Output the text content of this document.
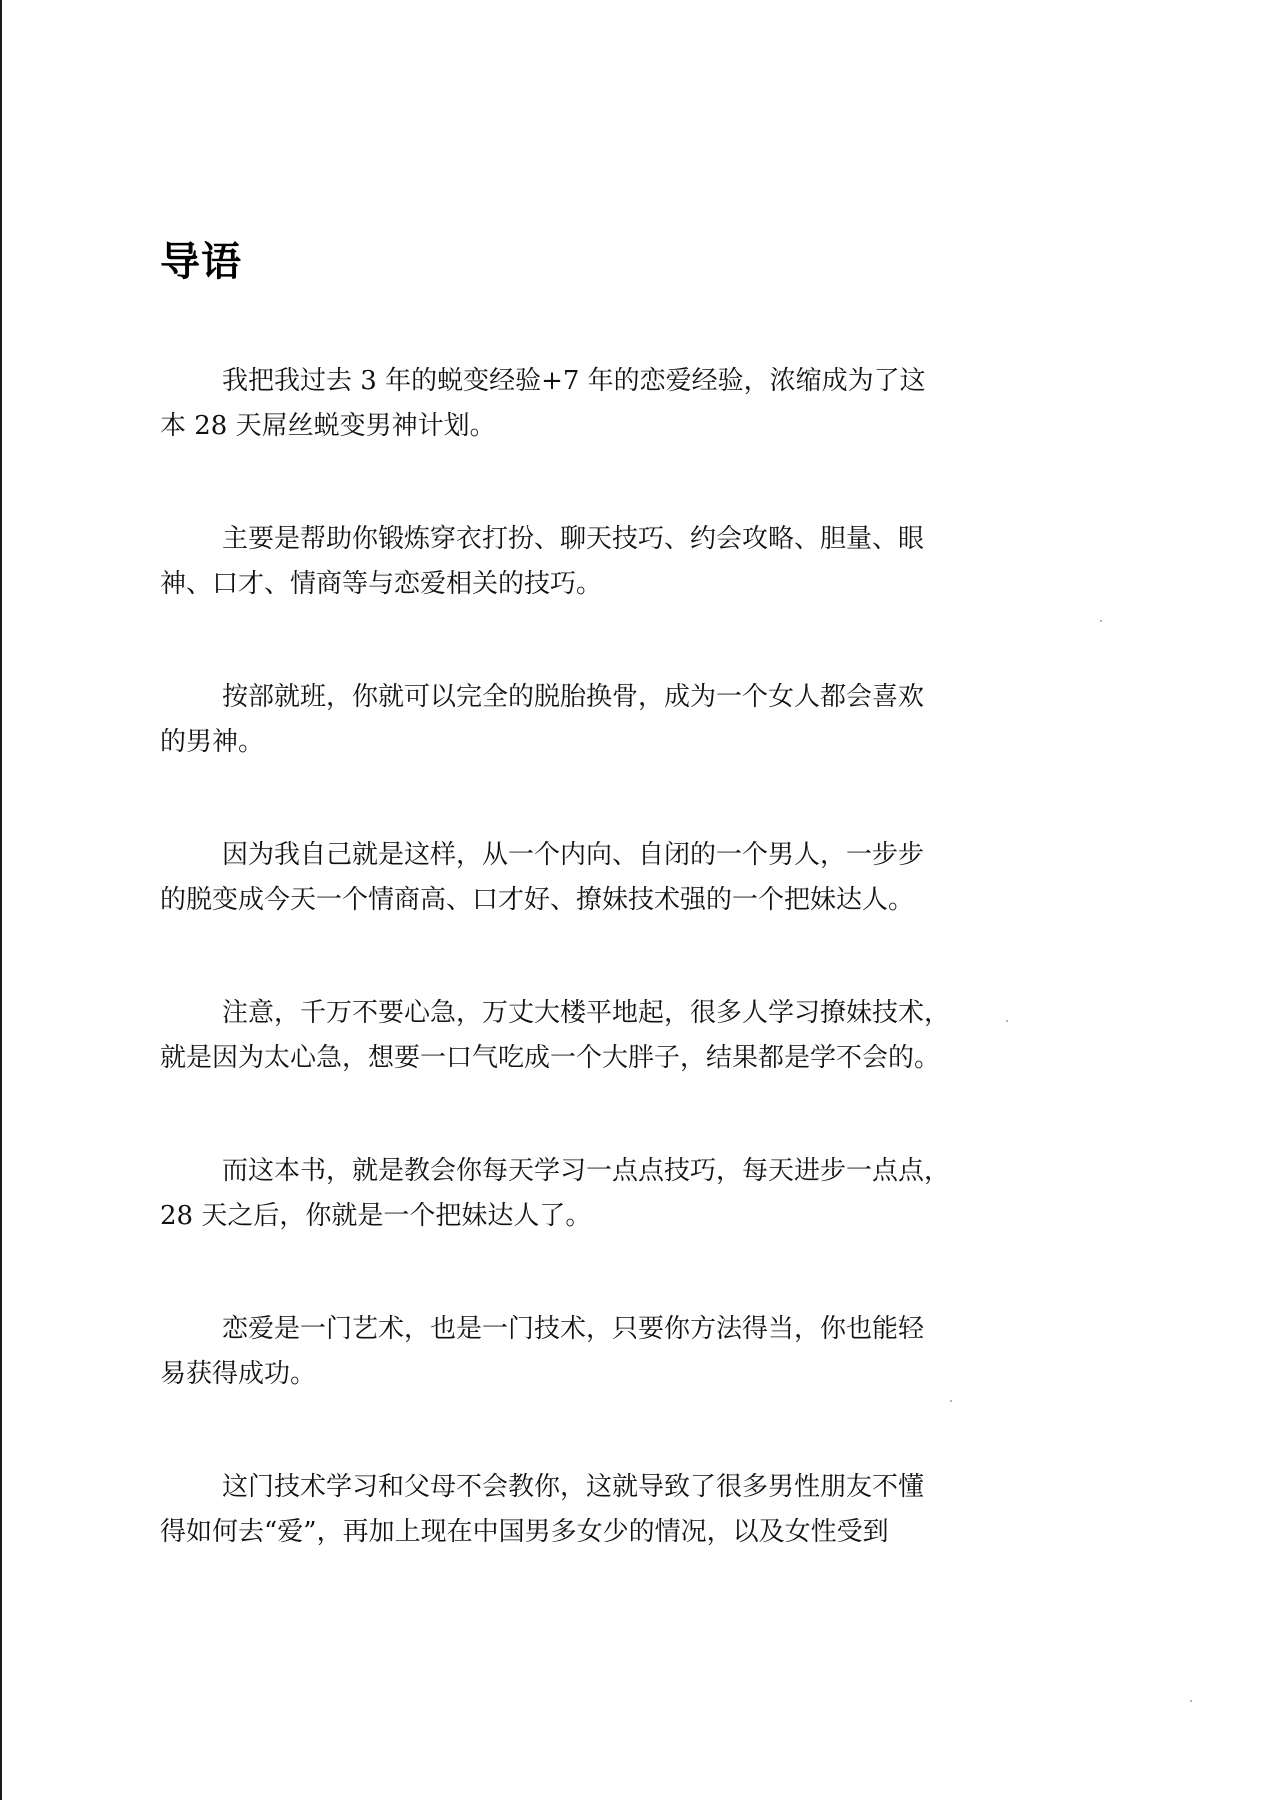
导语

我把我过去 3 年的蜕变经验+7 年的恋爱经验，浓缩成为了这
本 28 天屌丝蜕变男神计划。

主要是帮助你锻炼穿衣打扮、聊天技巧、约会攻略、胆量、眼
神、口才、情商等与恋爱相关的技巧。

按部就班，你就可以完全的脱胎换骨，成为一个女人都会喜欢
的男神。

因为我自己就是这样，从一个内向、自闭的一个男人，一步步
的脱变成今天一个情商高、口才好、撩妹技术强的一个把妹达人。

注意，千万不要心急，万丈大楼平地起，很多人学习撩妹技术，
就是因为太心急，想要一口气吃成一个大胖子，结果都是学不会的。

而这本书，就是教会你每天学习一点点技巧，每天进步一点点，
28 天之后，你就是一个把妹达人了。

恋爱是一门艺术，也是一门技术，只要你方法得当，你也能轻
易获得成功。

这门技术学习和父母不会教你，这就导致了很多男性朋友不懂
得如何去“爱”，再加上现在中国男多女少的情况，以及女性受到
